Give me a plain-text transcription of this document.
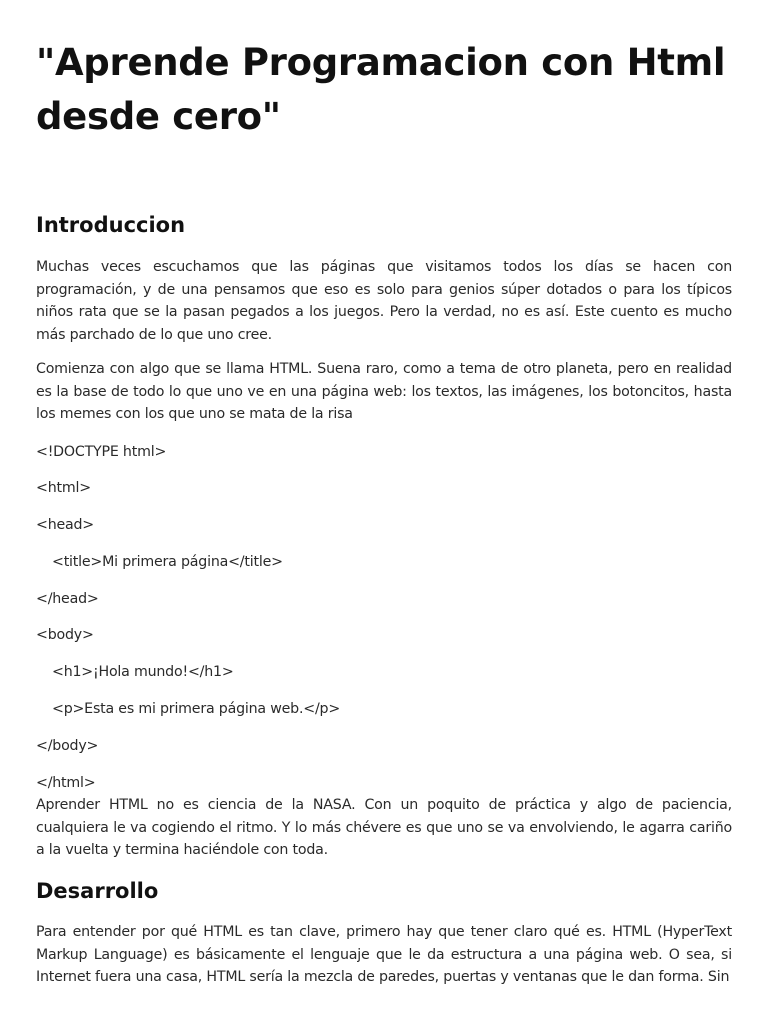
"Aprende Programacion con Html desde cero"
Introduccion

Muchas veces escuchamos que las páginas que visitamos todos los días se hacen con programación, y de una pensamos que eso es solo para genios súper dotados o para los típicos niños rata que se la pasan pegados a los juegos. Pero la verdad, no es así. Este cuento es mucho más parchado de lo que uno cree.

Comienza con algo que se llama HTML. Suena raro, como a tema de otro planeta, pero en realidad es la base de todo lo que uno ve en una página web: los textos, las imágenes, los botoncitos, hasta los memes con los que uno se mata de la risa

<!DOCTYPE html>
<html>
<head>
<title>Mi primera página</title>
</head>
<body>
<h1>¡Hola mundo!</h1>
<p>Esta es mi primera página web.</p>
</body>
</html>

Aprender HTML no es ciencia de la NASA. Con un poquito de práctica y algo de paciencia, cualquiera le va cogiendo el ritmo. Y lo más chévere es que uno se va envolviendo, le agarra cariño a la vuelta y termina haciéndole con toda.

Desarrollo

Para entender por qué HTML es tan clave, primero hay que tener claro qué es. HTML (HyperText Markup Language) es básicamente el lenguaje que le da estructura a una página web. O sea, si Internet fuera una casa, HTML sería la mezcla de paredes, puertas y ventanas que le dan forma. Sin
